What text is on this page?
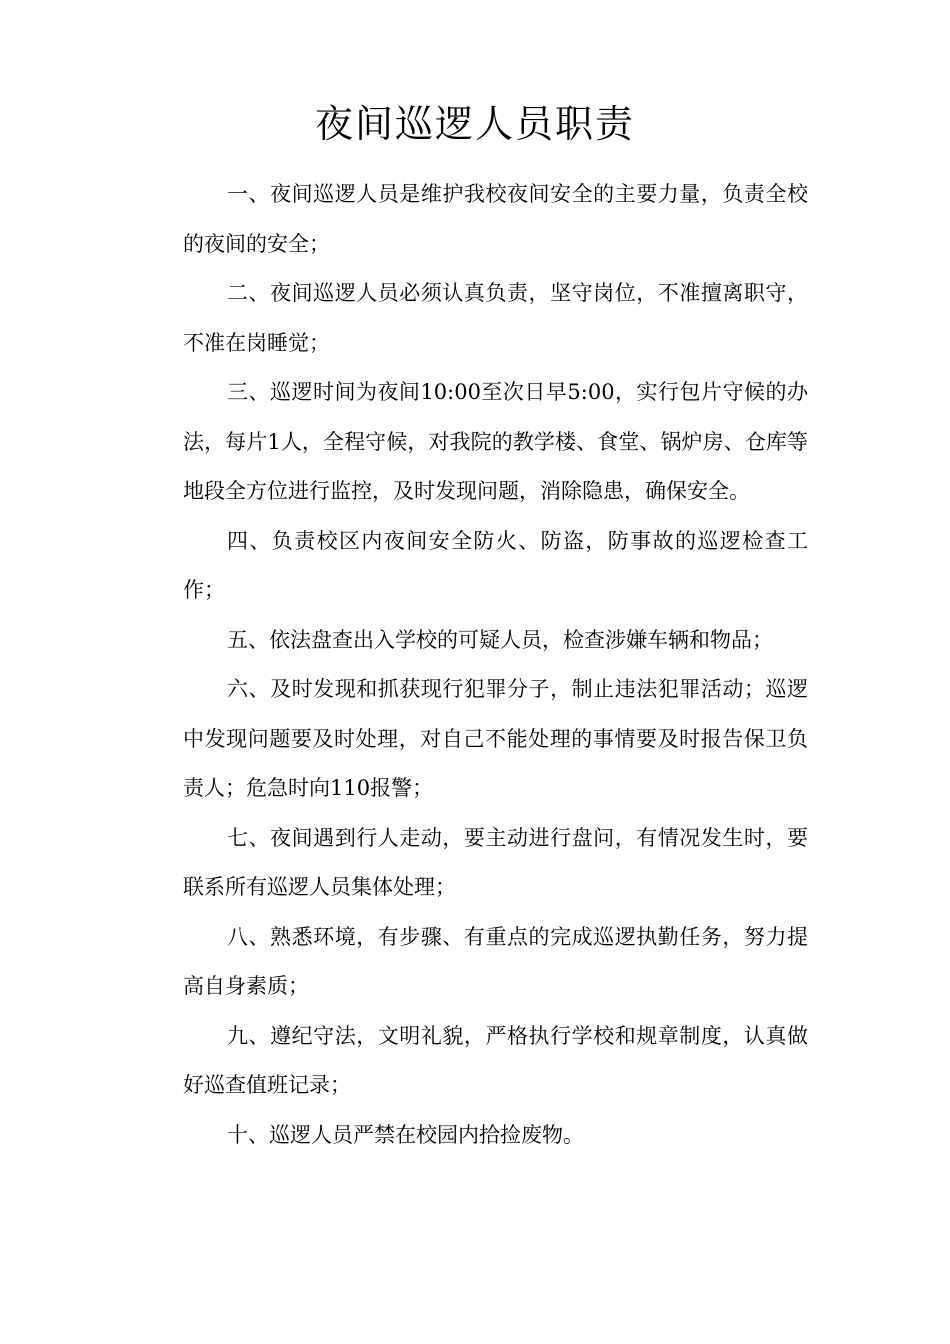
夜间巡逻人员职责

一、夜间巡逻人员是维护我校夜间安全的主要力量，负责全校的夜间的安全；

二、夜间巡逻人员必须认真负责，坚守岗位，不准擅离职守，不准在岗睡觉；

三、巡逻时间为夜间10:00至次日早5:00，实行包片守候的办法，每片1人，全程守候，对我院的教学楼、食堂、锅炉房、仓库等地段全方位进行监控，及时发现问题，消除隐患，确保安全。

四、负责校区内夜间安全防火、防盗，防事故的巡逻检查工作；

五、依法盘查出入学校的可疑人员，检查涉嫌车辆和物品；

六、及时发现和抓获现行犯罪分子，制止违法犯罪活动；巡逻中发现问题要及时处理，对自己不能处理的事情要及时报告保卫负责人；危急时向110报警；

七、夜间遇到行人走动，要主动进行盘问，有情况发生时，要联系所有巡逻人员集体处理；

八、熟悉环境，有步骤、有重点的完成巡逻执勤任务，努力提高自身素质；

九、遵纪守法，文明礼貌，严格执行学校和规章制度，认真做好巡查值班记录；

十、巡逻人员严禁在校园内拾捡废物。
